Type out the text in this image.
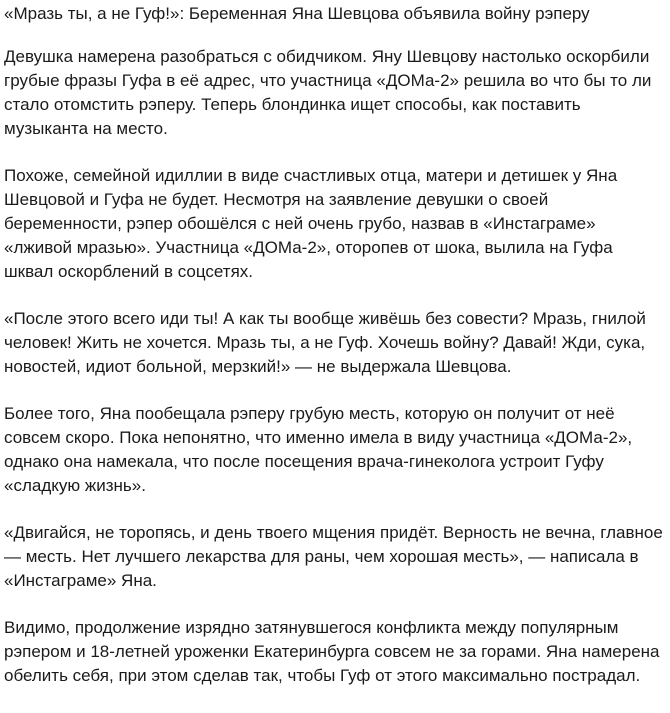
«Мразь ты, а не Гуф!»: Беременная Яна Шевцова объявила войну рэперу

Девушка намерена разобраться с обидчиком. Яну Шевцову настолько оскорбили грубые фразы Гуфа в её адрес, что участница «ДОМа-2» решила во что бы то ли стало отомстить рэперу. Теперь блондинка ищет способы, как поставить музыканта на место.

Похоже, семейной идиллии в виде счастливых отца, матери и детишек у Яна Шевцовой и Гуфа не будет. Несмотря на заявление девушки о своей беременности, рэпер обошёлся с ней очень грубо, назвав в «Инстаграме» «лживой мразью». Участница «ДОМа-2», оторопев от шока, вылила на Гуфа шквал оскорблений в соцсетях.

«После этого всего иди ты! А как ты вообще живёшь без совести? Мразь, гнилой человек! Жить не хочется. Мразь ты, а не Гуф. Хочешь войну? Давай! Жди, сука, новостей, идиот больной, мерзкий!» — не выдержала Шевцова.

Более того, Яна пообещала рэперу грубую месть, которую он получит от неё совсем скоро. Пока непонятно, что именно имела в виду участница «ДОМа-2», однако она намекала, что после посещения врача-гинеколога устроит Гуфу «сладкую жизнь».

«Двигайся, не торопясь, и день твоего мщения придёт. Верность не вечна, главное — месть. Нет лучшего лекарства для раны, чем хорошая месть», — написала в «Инстаграме» Яна.

Видимо, продолжение изрядно затянувшегося конфликта между популярным рэпером и 18-летней уроженки Екатеринбурга совсем не за горами. Яна намерена обелить себя, при этом сделав так, чтобы Гуф от этого максимально пострадал.
